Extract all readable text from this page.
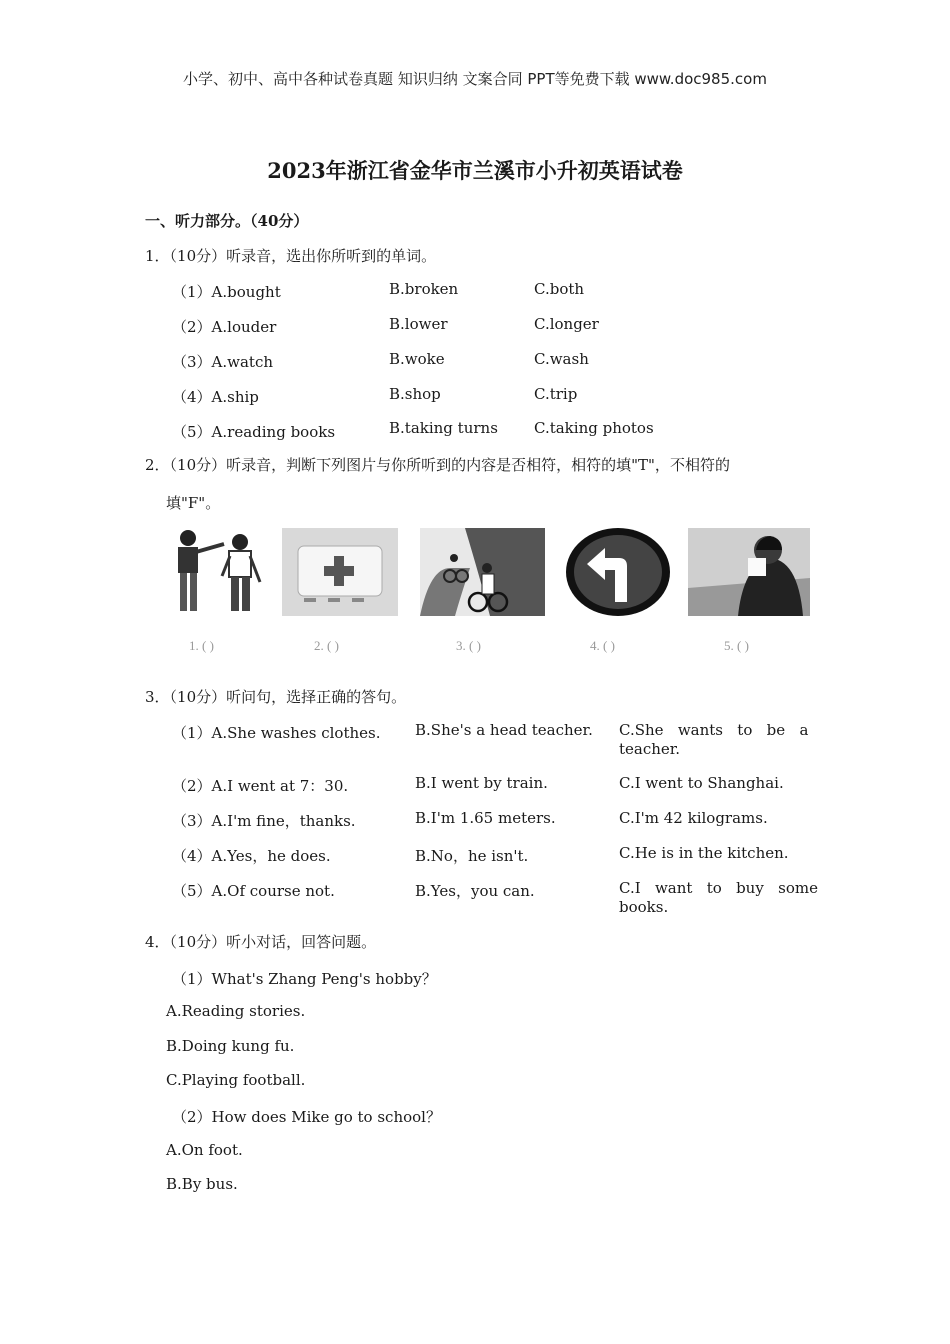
小学、初中、高中各种试卷真题 知识归纳 文案合同 PPT等免费下载 www.doc985.com
2023年浙江省金华市兰溪市小升初英语试卷
一、听力部分。（40分）
1．（10分）听录音，选出你所听到的单词。
（1）A.bought	B.broken	C.both
（2）A.louder	B.lower	C.longer
（3）A.watch	B.woke	C.wash
（4）A.ship	B.shop	C.trip
（5）A.reading books	B.taking turns C.taking photos
2．（10分）听录音，判断下列图片与你所听到的内容是否相符，相符的填"T"，不相符的
填"F"。
1. ( )	2. ( )	3. ( )	4. ( )	5. ( )
3．（10分）听问句，选择正确的答句。
（1）A.She washes clothes. B.She's a head teacher. C.She   wants   to   be   a
teacher.
（2）A.I went at 7：30.	B.I went by train.	C.I went to Shanghai.
（3）A.I'm fine，thanks.	B.I'm 1.65 meters.	C.I'm 42 kilograms.
（4）A.Yes，he does.	B.No，he isn't.	C.He is in the kitchen.
（5）A.Of course not.	B.Yes，you can.	C.I   want   to   buy   some
books.
4．（10分）听小对话，回答问题。
（1）What's Zhang Peng's hobby？
A.Reading stories.
B.Doing kung fu.
C.Playing football.
（2）How does Mike go to school？
A.On foot.
B.By bus.
